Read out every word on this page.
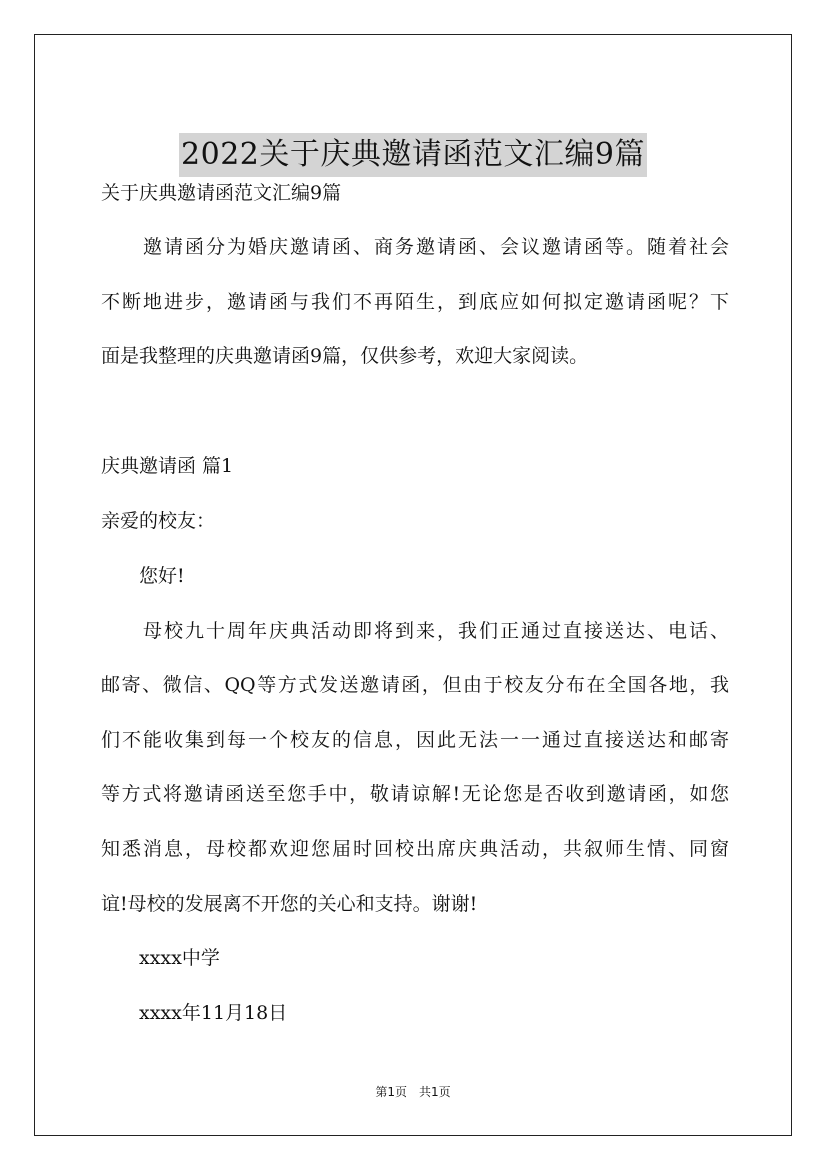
2022关于庆典邀请函范文汇编9篇
关于庆典邀请函范文汇编9篇
　　邀请函分为婚庆邀请函、商务邀请函、会议邀请函等。随着社会
不断地进步，邀请函与我们不再陌生，到底应如何拟定邀请函呢？下
面是我整理的庆典邀请函9篇，仅供参考，欢迎大家阅读。
庆典邀请函 篇1
亲爱的校友：
　　您好!
　　母校九十周年庆典活动即将到来，我们正通过直接送达、电话、
邮寄、微信、QQ等方式发送邀请函，但由于校友分布在全国各地，我
们不能收集到每一个校友的信息，因此无法一一通过直接送达和邮寄
等方式将邀请函送至您手中，敬请谅解!无论您是否收到邀请函，如您
知悉消息，母校都欢迎您届时回校出席庆典活动，共叙师生情、同窗
谊!母校的发展离不开您的关心和支持。谢谢!
　　xxxx中学
　　xxxx年11月18日
第1页　共1页
